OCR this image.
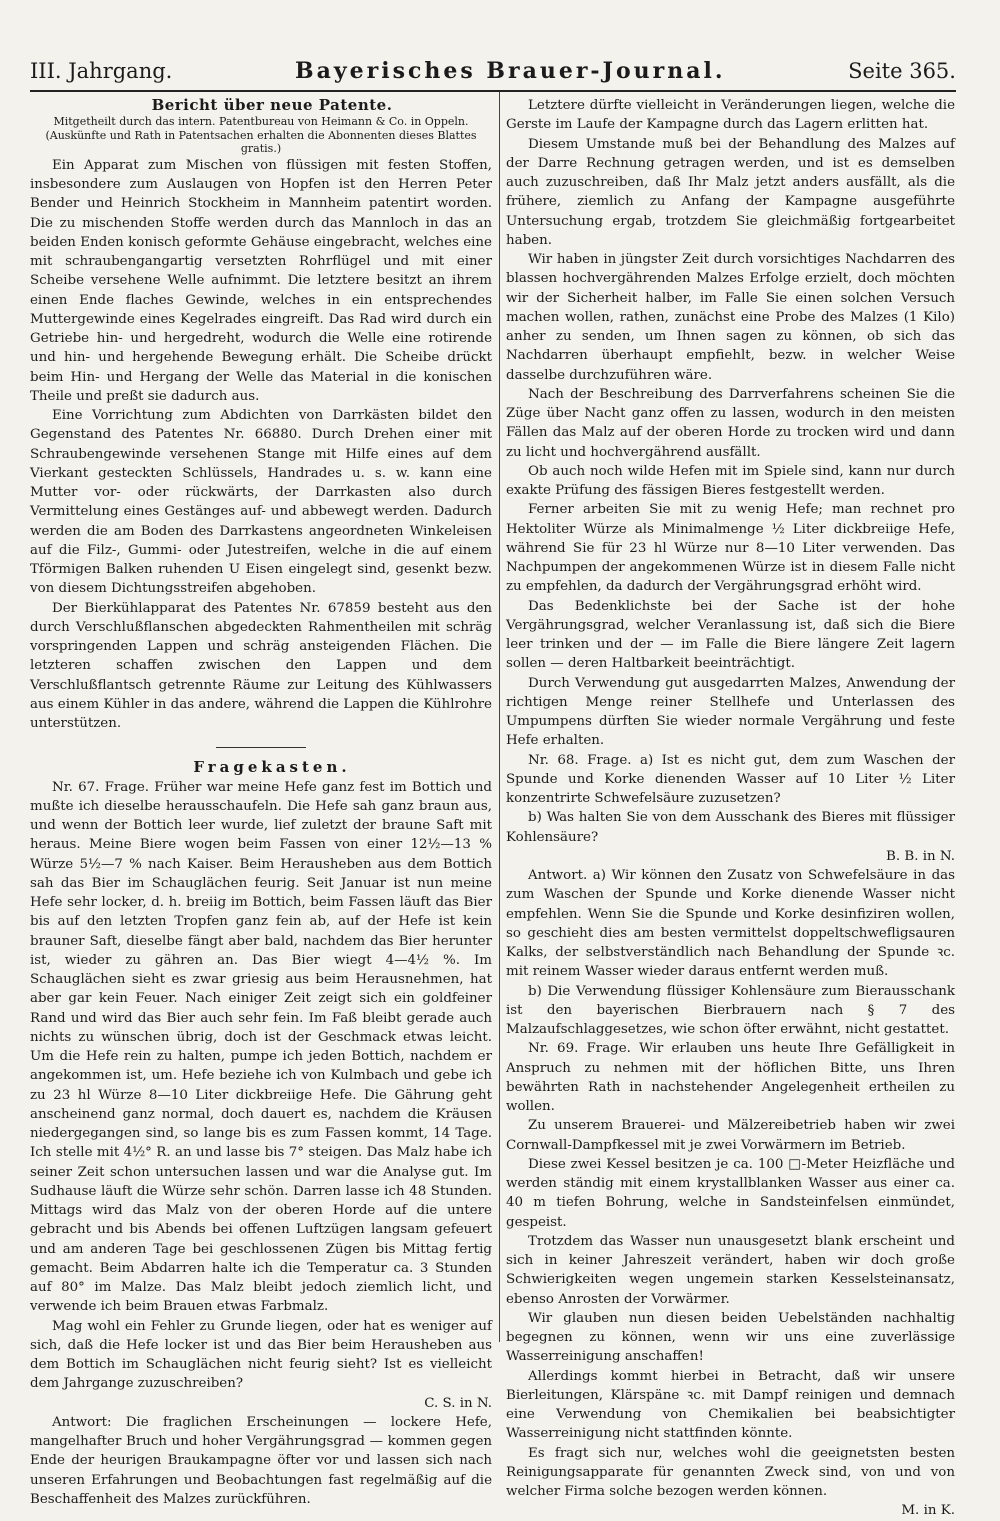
III. Jahrgang.	Bayerisches Brauer-Journal.	Seite 365.

Bericht über neue Patente.

Mitgetheilt durch das intern. Patentbureau von Heimann & Co. in Oppeln.

(Auskünfte und Rath in Patentsachen erhalten die Abonnenten dieses Blattes gratis.)

Ein Apparat zum Mischen von flüssigen mit festen Stoffen, insbesondere zum Auslaugen von Hopfen ist den Herren Peter Bender und Heinrich Stockheim in Mannheim patentirt worden. Die zu mischenden Stoffe werden durch das Mannloch in das an beiden Enden konisch geformte Gehäuse eingebracht, welches eine mit schraubengangartig versetzten Rohrflügel und mit einer Scheibe versehene Welle aufnimmt. Die letztere besitzt an ihrem einen Ende flaches Gewinde, welches in ein entsprechendes Muttergewinde eines Kegelrades eingreift. Das Rad wird durch ein Getriebe hin- und hergedreht, wodurch die Welle eine rotirende und hin- und hergehende Bewegung erhält. Die Scheibe drückt beim Hin- und Hergang der Welle das Material in die konischen Theile und preßt sie dadurch aus.

Eine Vorrichtung zum Abdichten von Darrkästen bildet den Gegenstand des Patentes Nr. 66880. Durch Drehen einer mit Schraubengewinde versehenen Stange mit Hilfe eines auf dem Vierkant gesteckten Schlüssels, Handrades u. s. w. kann eine Mutter vor- oder rückwärts, der Darrkasten also durch Vermittelung eines Gestänges auf- und abbewegt werden. Dadurch werden die am Boden des Darrkastens angeordneten Winkeleisen auf die Filz-, Gummi- oder Jutestreifen, welche in die auf einem Tförmigen Balken ruhenden U Eisen eingelegt sind, gesenkt bezw. von diesem Dichtungsstreifen abgehoben.

Der Bierkühlapparat des Patentes Nr. 67859 besteht aus den durch Verschlußflanschen abgedeckten Rahmentheilen mit schräg vorspringenden Lappen und schräg ansteigenden Flächen. Die letzteren schaffen zwischen den Lappen und dem Verschlußflantsch getrennte Räume zur Leitung des Kühlwassers aus einem Kühler in das andere, während die Lappen die Kühlrohre unterstützen.

Fragekasten.

Nr. 67. Frage. Früher war meine Hefe ganz fest im Bottich und mußte ich dieselbe herausschaufeln. Die Hefe sah ganz braun aus, und wenn der Bottich leer wurde, lief zuletzt der braune Saft mit heraus. Meine Biere wogen beim Fassen von einer 12½—13 % Würze 5½—7 % nach Kaiser. Beim Herausheben aus dem Bottich sah das Bier im Schauglächen feurig. Seit Januar ist nun meine Hefe sehr locker, d. h. breiig im Bottich, beim Fassen läuft das Bier bis auf den letzten Tropfen ganz fein ab, auf der Hefe ist kein brauner Saft, dieselbe fängt aber bald, nachdem das Bier herunter ist, wieder zu gähren an. Das Bier wiegt 4—4½ %. Im Schauglächen sieht es zwar griesig aus beim Herausnehmen, hat aber gar kein Feuer. Nach einiger Zeit zeigt sich ein goldfeiner Rand und wird das Bier auch sehr fein. Im Faß bleibt gerade auch nichts zu wünschen übrig, doch ist der Geschmack etwas leicht. Um die Hefe rein zu halten, pumpe ich jeden Bottich, nachdem er angekommen ist, um. Hefe beziehe ich von Kulmbach und gebe ich zu 23 hl Würze 8—10 Liter dickbreiige Hefe. Die Gährung geht anscheinend ganz normal, doch dauert es, nachdem die Kräusen niedergegangen sind, so lange bis es zum Fassen kommt, 14 Tage. Ich stelle mit 4½° R. an und lasse bis 7° steigen. Das Malz habe ich seiner Zeit schon untersuchen lassen und war die Analyse gut. Im Sudhause läuft die Würze sehr schön. Darren lasse ich 48 Stunden. Mittags wird das Malz von der oberen Horde auf die untere gebracht und bis Abends bei offenen Luftzügen langsam gefeuert und am anderen Tage bei geschlossenen Zügen bis Mittag fertig gemacht. Beim Abdarren halte ich die Temperatur ca. 3 Stunden auf 80° im Malze. Das Malz bleibt jedoch ziemlich licht, und verwende ich beim Brauen etwas Farbmalz.

Mag wohl ein Fehler zu Grunde liegen, oder hat es weniger auf sich, daß die Hefe locker ist und das Bier beim Herausheben aus dem Bottich im Schauglächen nicht feurig sieht? Ist es vielleicht dem Jahrgange zuzuschreiben?
C. S. in N.

Antwort: Die fraglichen Erscheinungen — lockere Hefe, mangelhafter Bruch und hoher Vergährungsgrad — kommen gegen Ende der heurigen Braukampagne öfter vor und lassen sich nach unseren Erfahrungen und Beobachtungen fast regelmäßig auf die Beschaffenheit des Malzes zurückführen.

Letztere dürfte vielleicht in Veränderungen liegen, welche die Gerste im Laufe der Kampagne durch das Lagern erlitten hat.

Diesem Umstande muß bei der Behandlung des Malzes auf der Darre Rechnung getragen werden, und ist es demselben auch zuzuschreiben, daß Ihr Malz jetzt anders ausfällt, als die frühere, ziemlich zu Anfang der Kampagne ausgeführte Untersuchung ergab, trotzdem Sie gleichmäßig fortgearbeitet haben.

Wir haben in jüngster Zeit durch vorsichtiges Nachdarren des blassen hochvergährenden Malzes Erfolge erzielt, doch möchten wir der Sicherheit halber, im Falle Sie einen solchen Versuch machen wollen, rathen, zunächst eine Probe des Malzes (1 Kilo) anher zu senden, um Ihnen sagen zu können, ob sich das Nachdarren überhaupt empfiehlt, bezw. in welcher Weise dasselbe durchzuführen wäre.

Nach der Beschreibung des Darrverfahrens scheinen Sie die Züge über Nacht ganz offen zu lassen, wodurch in den meisten Fällen das Malz auf der oberen Horde zu trocken wird und dann zu licht und hochvergährend ausfällt.

Ob auch noch wilde Hefen mit im Spiele sind, kann nur durch exakte Prüfung des fässigen Bieres festgestellt werden.

Ferner arbeiten Sie mit zu wenig Hefe; man rechnet pro Hektoliter Würze als Minimalmenge ½ Liter dickbreiige Hefe, während Sie für 23 hl Würze nur 8—10 Liter verwenden. Das Nachpumpen der angekommenen Würze ist in diesem Falle nicht zu empfehlen, da dadurch der Vergährungsgrad erhöht wird.

Das Bedenklichste bei der Sache ist der hohe Vergährungsgrad, welcher Veranlassung ist, daß sich die Biere leer trinken und der — im Falle die Biere längere Zeit lagern sollen — deren Haltbarkeit beeinträchtigt.

Durch Verwendung gut ausgedarrten Malzes, Anwendung der richtigen Menge reiner Stellhefe und Unterlassen des Umpumpens dürften Sie wieder normale Vergährung und feste Hefe erhalten.

Nr. 68. Frage. a) Ist es nicht gut, dem zum Waschen der Spunde und Korke dienenden Wasser auf 10 Liter ½ Liter konzentrirte Schwefelsäure zuzusetzen?

b) Was halten Sie von dem Ausschank des Bieres mit flüssiger Kohlensäure?
B. B. in N.

Antwort. a) Wir können den Zusatz von Schwefelsäure in das zum Waschen der Spunde und Korke dienende Wasser nicht empfehlen. Wenn Sie die Spunde und Korke desinfiziren wollen, so geschieht dies am besten vermittelst doppeltschwefligsauren Kalks, der selbstverständlich nach Behandlung der Spunde ꝛc. mit reinem Wasser wieder daraus entfernt werden muß.

b) Die Verwendung flüssiger Kohlensäure zum Bierausschank ist den bayerischen Bierbrauern nach § 7 des Malzaufschlaggesetzes, wie schon öfter erwähnt, nicht gestattet.

Nr. 69. Frage. Wir erlauben uns heute Ihre Gefälligkeit in Anspruch zu nehmen mit der höflichen Bitte, uns Ihren bewährten Rath in nachstehender Angelegenheit ertheilen zu wollen.

Zu unserem Brauerei- und Mälzereibetrieb haben wir zwei Cornwall-Dampfkessel mit je zwei Vorwärmern im Betrieb.

Diese zwei Kessel besitzen je ca. 100 □-Meter Heizfläche und werden ständig mit einem krystallblanken Wasser aus einer ca. 40 m tiefen Bohrung, welche in Sandsteinfelsen einmündet, gespeist.

Trotzdem das Wasser nun unausgesetzt blank erscheint und sich in keiner Jahreszeit verändert, haben wir doch große Schwierigkeiten wegen ungemein starken Kesselsteinansatz, ebenso Anrosten der Vorwärmer.

Wir glauben nun diesen beiden Uebelständen nachhaltig begegnen zu können, wenn wir uns eine zuverlässige Wasserreinigung anschaffen!

Allerdings kommt hierbei in Betracht, daß wir unsere Bierleitungen, Klärspäne ꝛc. mit Dampf reinigen und demnach eine Verwendung von Chemikalien bei beabsichtigter Wasserreinigung nicht stattfinden könnte.

Es fragt sich nur, welches wohl die geeignetsten besten Reinigungsapparate für genannten Zweck sind, von und von welcher Firma solche bezogen werden können.
M. in K.
